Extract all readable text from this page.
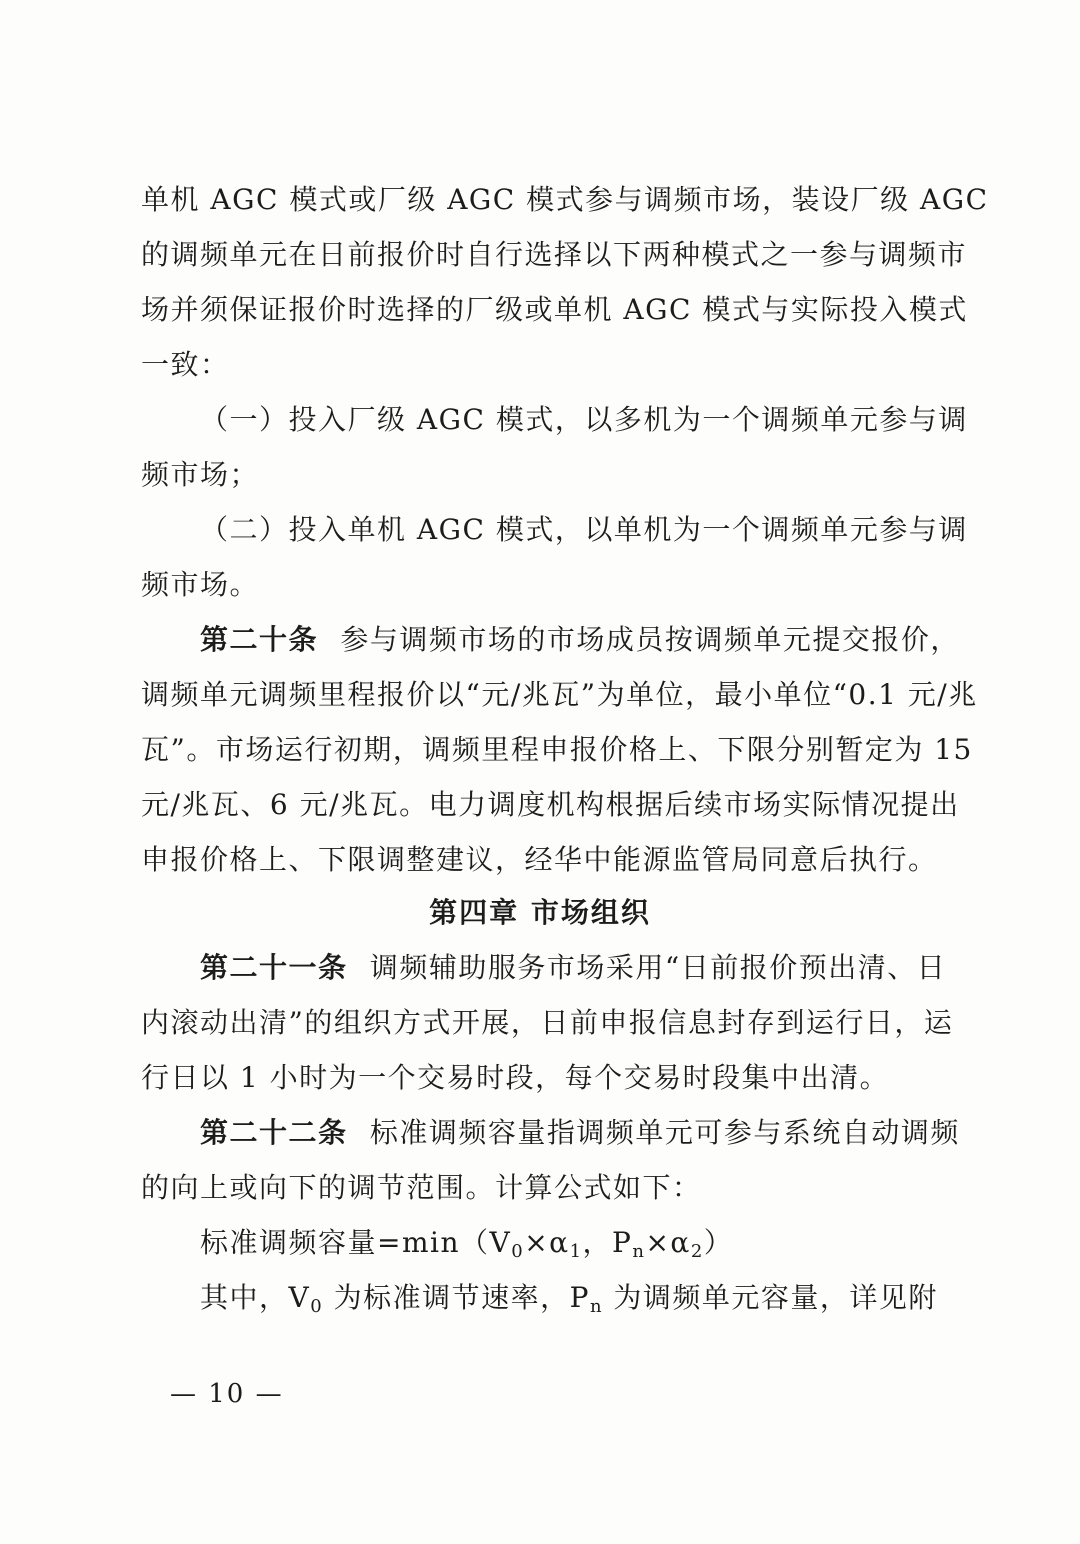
单机 AGC 模式或厂级 AGC 模式参与调频市场，装设厂级 AGC
的调频单元在日前报价时自行选择以下两种模式之一参与调频市
场并须保证报价时选择的厂级或单机 AGC 模式与实际投入模式
一致：
（一）投入厂级 AGC 模式，以多机为一个调频单元参与调
频市场；
（二）投入单机 AGC 模式，以单机为一个调频单元参与调
频市场。
第二十条 参与调频市场的市场成员按调频单元提交报价，
调频单元调频里程报价以“元/兆瓦”为单位，最小单位“0.1 元/兆
瓦”。市场运行初期，调频里程申报价格上、下限分别暂定为 15
元/兆瓦、6 元/兆瓦。电力调度机构根据后续市场实际情况提出
申报价格上、下限调整建议，经华中能源监管局同意后执行。
第四章 市场组织
第二十一条 调频辅助服务市场采用“日前报价预出清、日
内滚动出清”的组织方式开展，日前申报信息封存到运行日，运
行日以 1 小时为一个交易时段，每个交易时段集中出清。
第二十二条 标准调频容量指调频单元可参与系统自动调频
的向上或向下的调节范围。计算公式如下：
标准调频容量$=\min(V_0\times\alpha_1$，$P_n\times\alpha_2$）
其中，$V_0$ 为标准调节速率，$P_n$ 为调频单元容量，详见附
— 10 —
